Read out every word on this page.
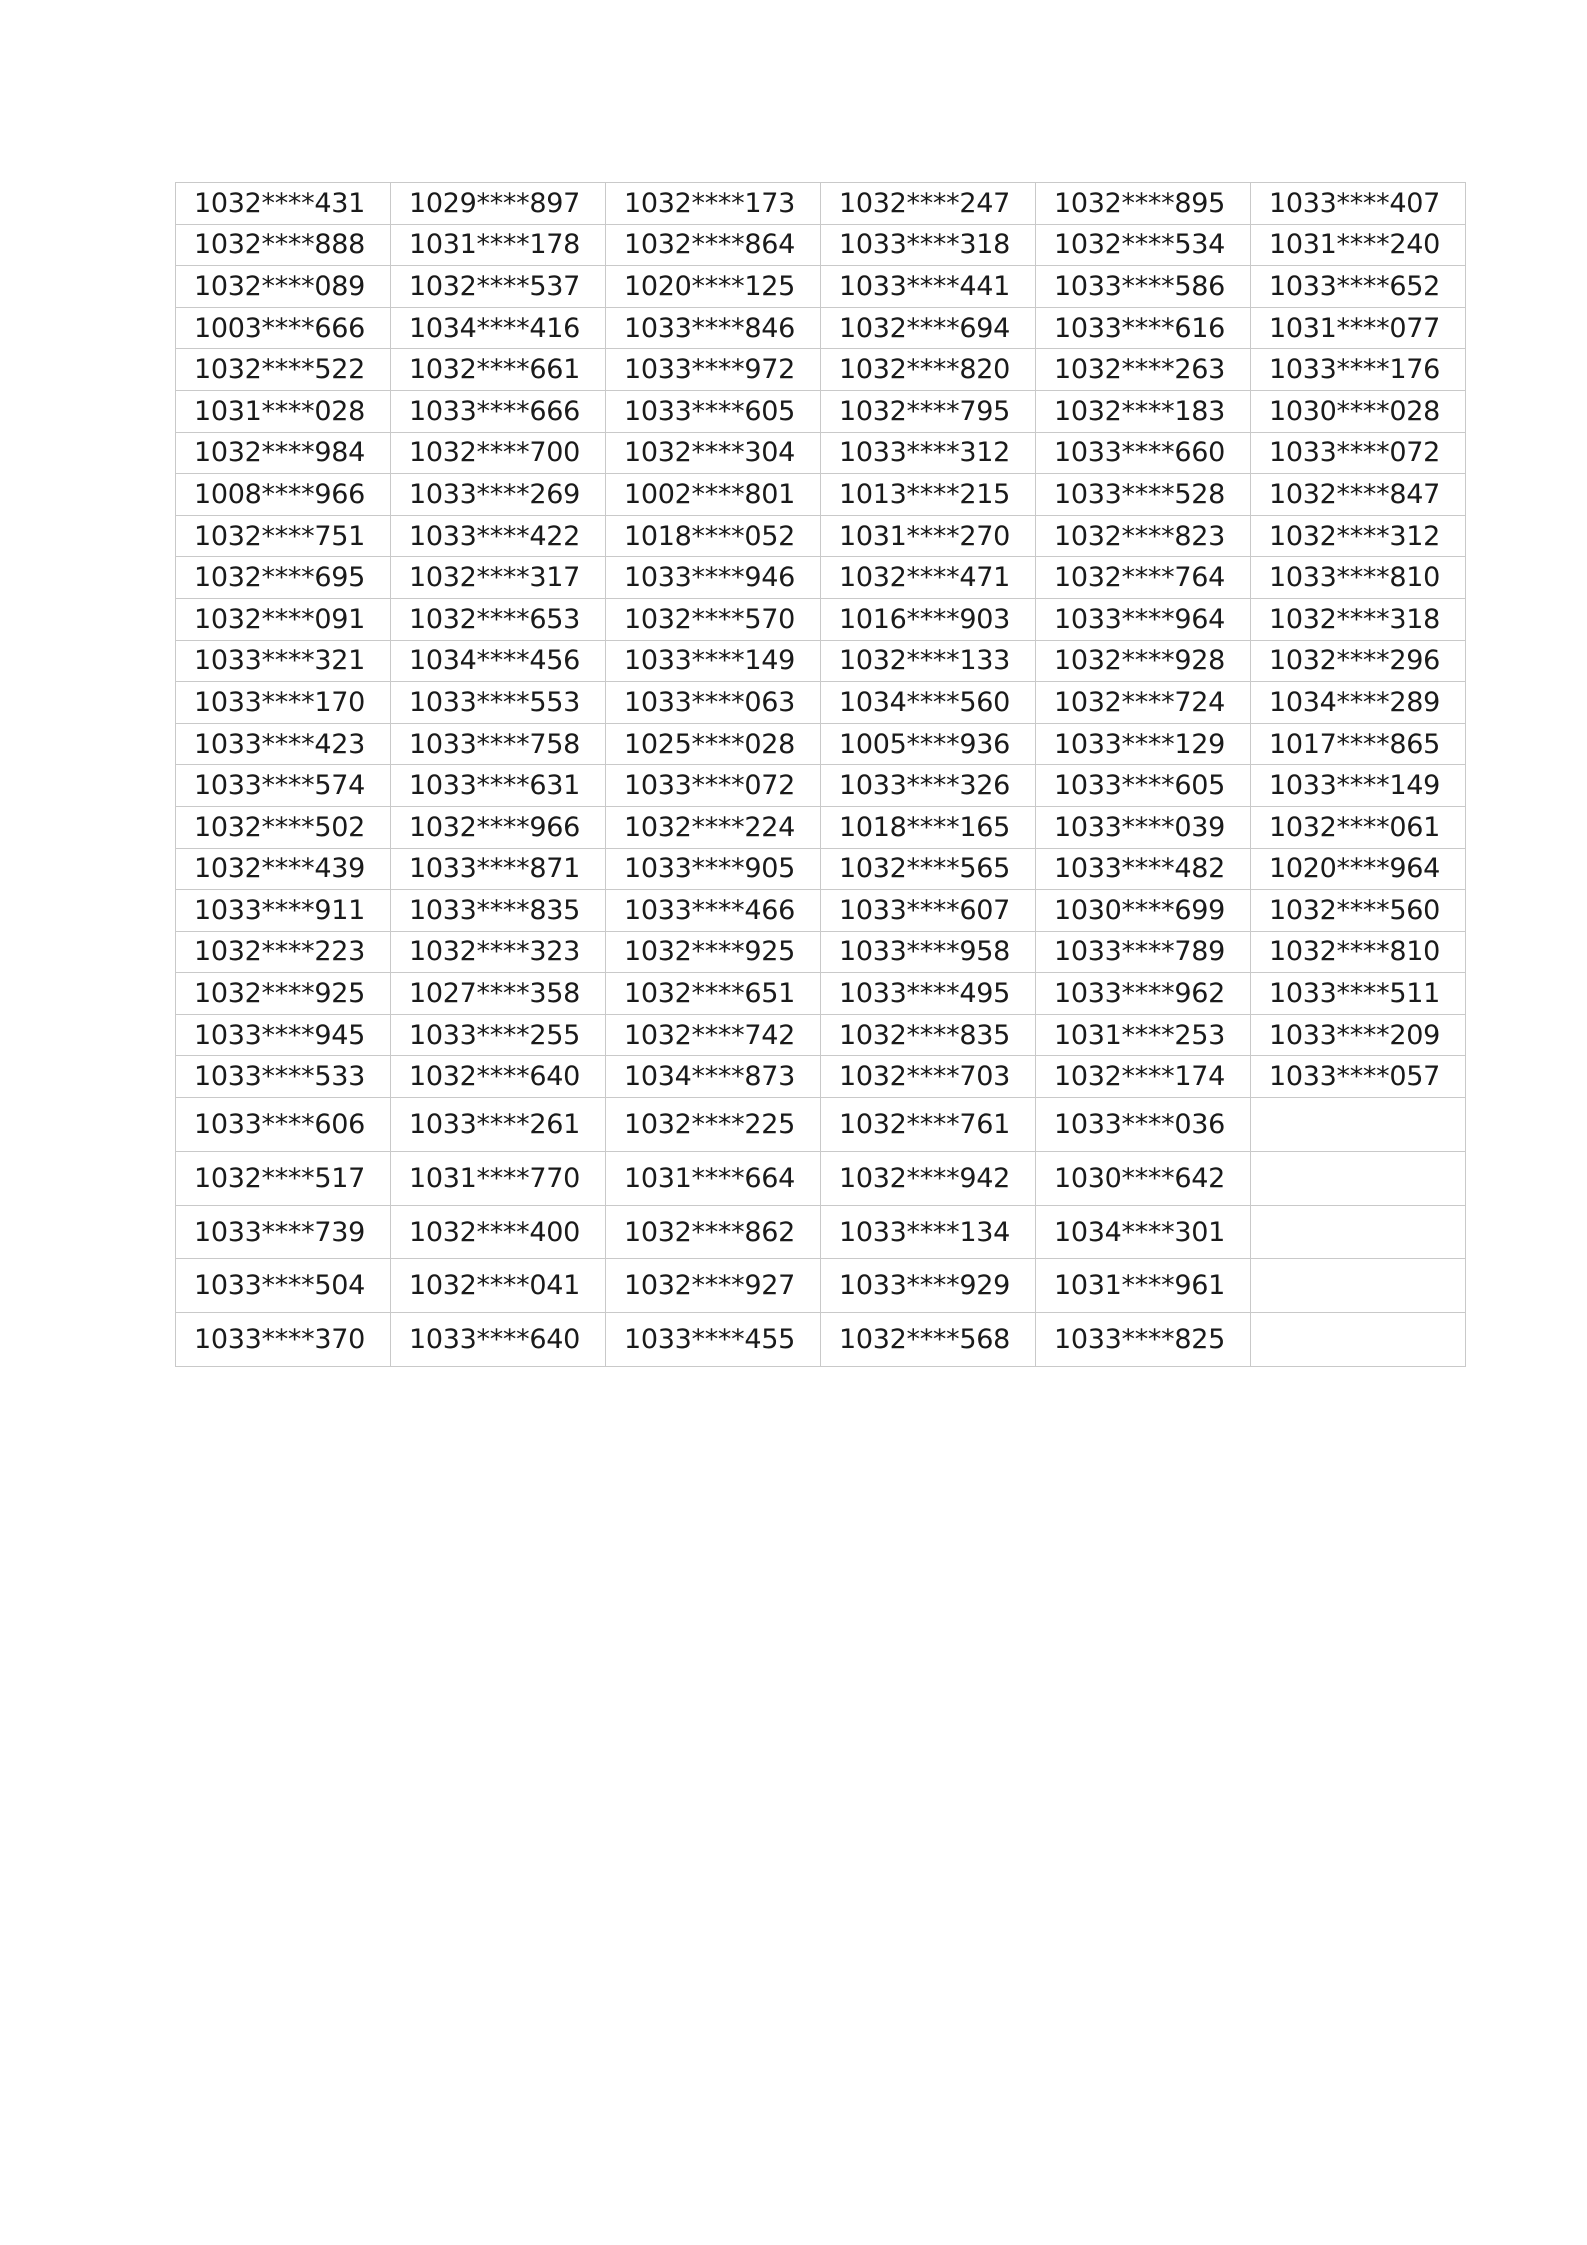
1032****431	1029****897	1032****173	1032****247	1032****895	1033****407
1032****888	1031****178	1032****864	1033****318	1032****534	1031****240
1032****089	1032****537	1020****125	1033****441	1033****586	1033****652
1003****666	1034****416	1033****846	1032****694	1033****616	1031****077
1032****522	1032****661	1033****972	1032****820	1032****263	1033****176
1031****028	1033****666	1033****605	1032****795	1032****183	1030****028
1032****984	1032****700	1032****304	1033****312	1033****660	1033****072
1008****966	1033****269	1002****801	1013****215	1033****528	1032****847
1032****751	1033****422	1018****052	1031****270	1032****823	1032****312
1032****695	1032****317	1033****946	1032****471	1032****764	1033****810
1032****091	1032****653	1032****570	1016****903	1033****964	1032****318
1033****321	1034****456	1033****149	1032****133	1032****928	1032****296
1033****170	1033****553	1033****063	1034****560	1032****724	1034****289
1033****423	1033****758	1025****028	1005****936	1033****129	1017****865
1033****574	1033****631	1033****072	1033****326	1033****605	1033****149
1032****502	1032****966	1032****224	1018****165	1033****039	1032****061
1032****439	1033****871	1033****905	1032****565	1033****482	1020****964
1033****911	1033****835	1033****466	1033****607	1030****699	1032****560
1032****223	1032****323	1032****925	1033****958	1033****789	1032****810
1032****925	1027****358	1032****651	1033****495	1033****962	1033****511
1033****945	1033****255	1032****742	1032****835	1031****253	1033****209
1033****533	1032****640	1034****873	1032****703	1032****174	1033****057
1033****606	1033****261	1032****225	1032****761	1033****036	
1032****517	1031****770	1031****664	1032****942	1030****642	
1033****739	1032****400	1032****862	1033****134	1034****301	
1033****504	1032****041	1032****927	1033****929	1031****961	
1033****370	1033****640	1033****455	1032****568	1033****825	
